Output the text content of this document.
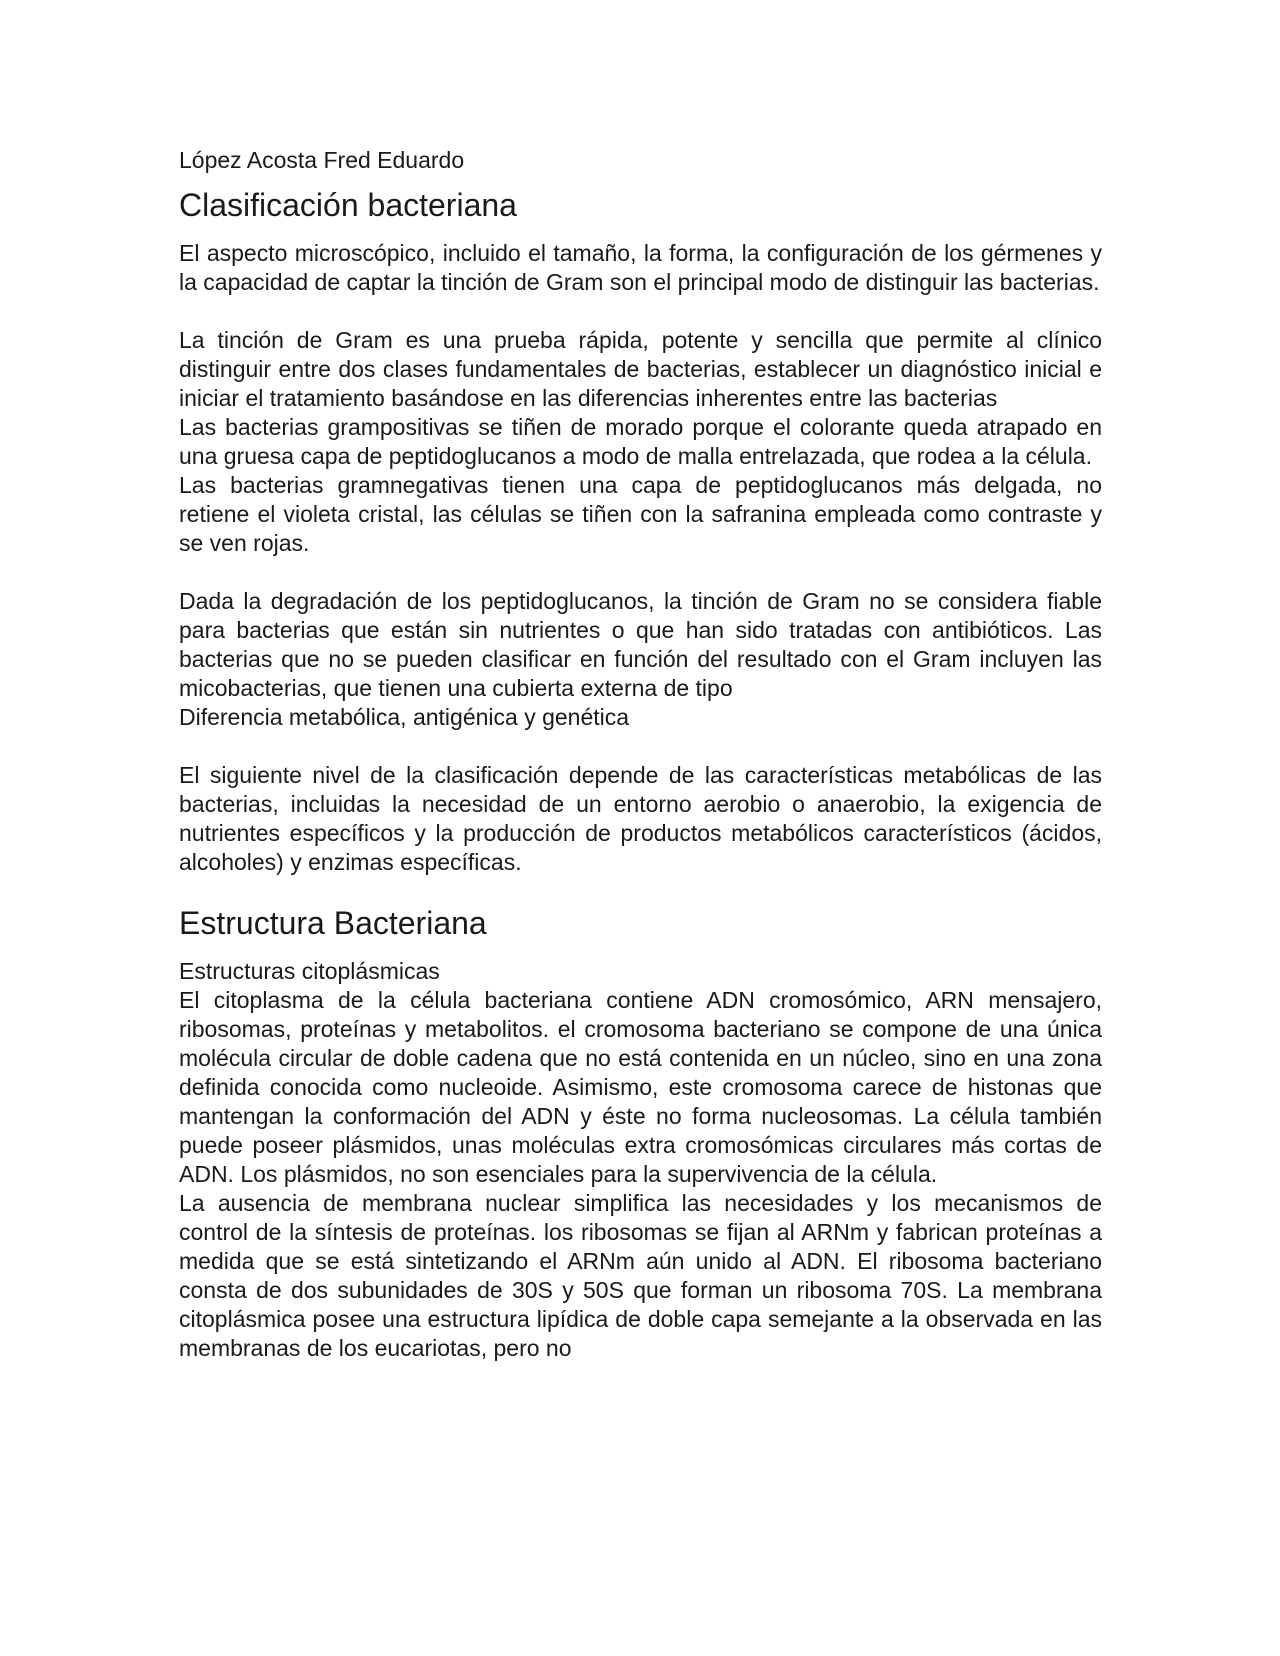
López Acosta Fred Eduardo

Clasificación bacteriana

El aspecto microscópico, incluido el tamaño, la forma, la configuración de los gérmenes y la capacidad de captar la tinción de Gram son el principal modo de distinguir las bacterias.

La tinción de Gram es una prueba rápida, potente y sencilla que permite al clínico distinguir entre dos clases fundamentales de bacterias, establecer un diagnóstico inicial e iniciar el tratamiento basándose en las diferencias inherentes entre las bacterias

Las bacterias grampositivas se tiñen de morado porque el colorante queda atrapado en una gruesa capa de peptidoglucanos a modo de malla entrelazada, que rodea a la célula.

Las bacterias gramnegativas tienen una capa de peptidoglucanos más delgada, no retiene el violeta cristal, las células se tiñen con la safranina empleada como contraste y se ven rojas.

Dada la degradación de los peptidoglucanos, la tinción de Gram no se considera fiable para bacterias que están sin nutrientes o que han sido tratadas con antibióticos. Las bacterias que no se pueden clasificar en función del resultado con el Gram incluyen las micobacterias, que tienen una cubierta externa de tipo

Diferencia metabólica, antigénica y genética

El siguiente nivel de la clasificación depende de las características metabólicas de las bacterias, incluidas la necesidad de un entorno aerobio o anaerobio, la exigencia de nutrientes específicos y la producción de productos metabólicos característicos (ácidos, alcoholes) y enzimas específicas.

Estructura Bacteriana

Estructuras citoplásmicas

El citoplasma de la célula bacteriana contiene ADN cromosómico, ARN mensajero, ribosomas, proteínas y metabolitos. el cromosoma bacteriano se compone de una única molécula circular de doble cadena que no está contenida en un núcleo, sino en una zona definida conocida como nucleoide. Asimismo, este cromosoma carece de histonas que mantengan la conformación del ADN y éste no forma nucleosomas. La célula también puede poseer plásmidos, unas moléculas extra cromosómicas circulares más cortas de ADN. Los plásmidos, no son esenciales para la supervivencia de la célula.

La ausencia de membrana nuclear simplifica las necesidades y los mecanismos de control de la síntesis de proteínas. los ribosomas se fijan al ARNm y fabrican proteínas a medida que se está sintetizando el ARNm aún unido al ADN. El ribosoma bacteriano consta de dos subunidades de 30S y 50S que forman un ribosoma 70S. La membrana citoplásmica posee una estructura lipídica de doble capa semejante a la observada en las membranas de los eucariotas, pero no
